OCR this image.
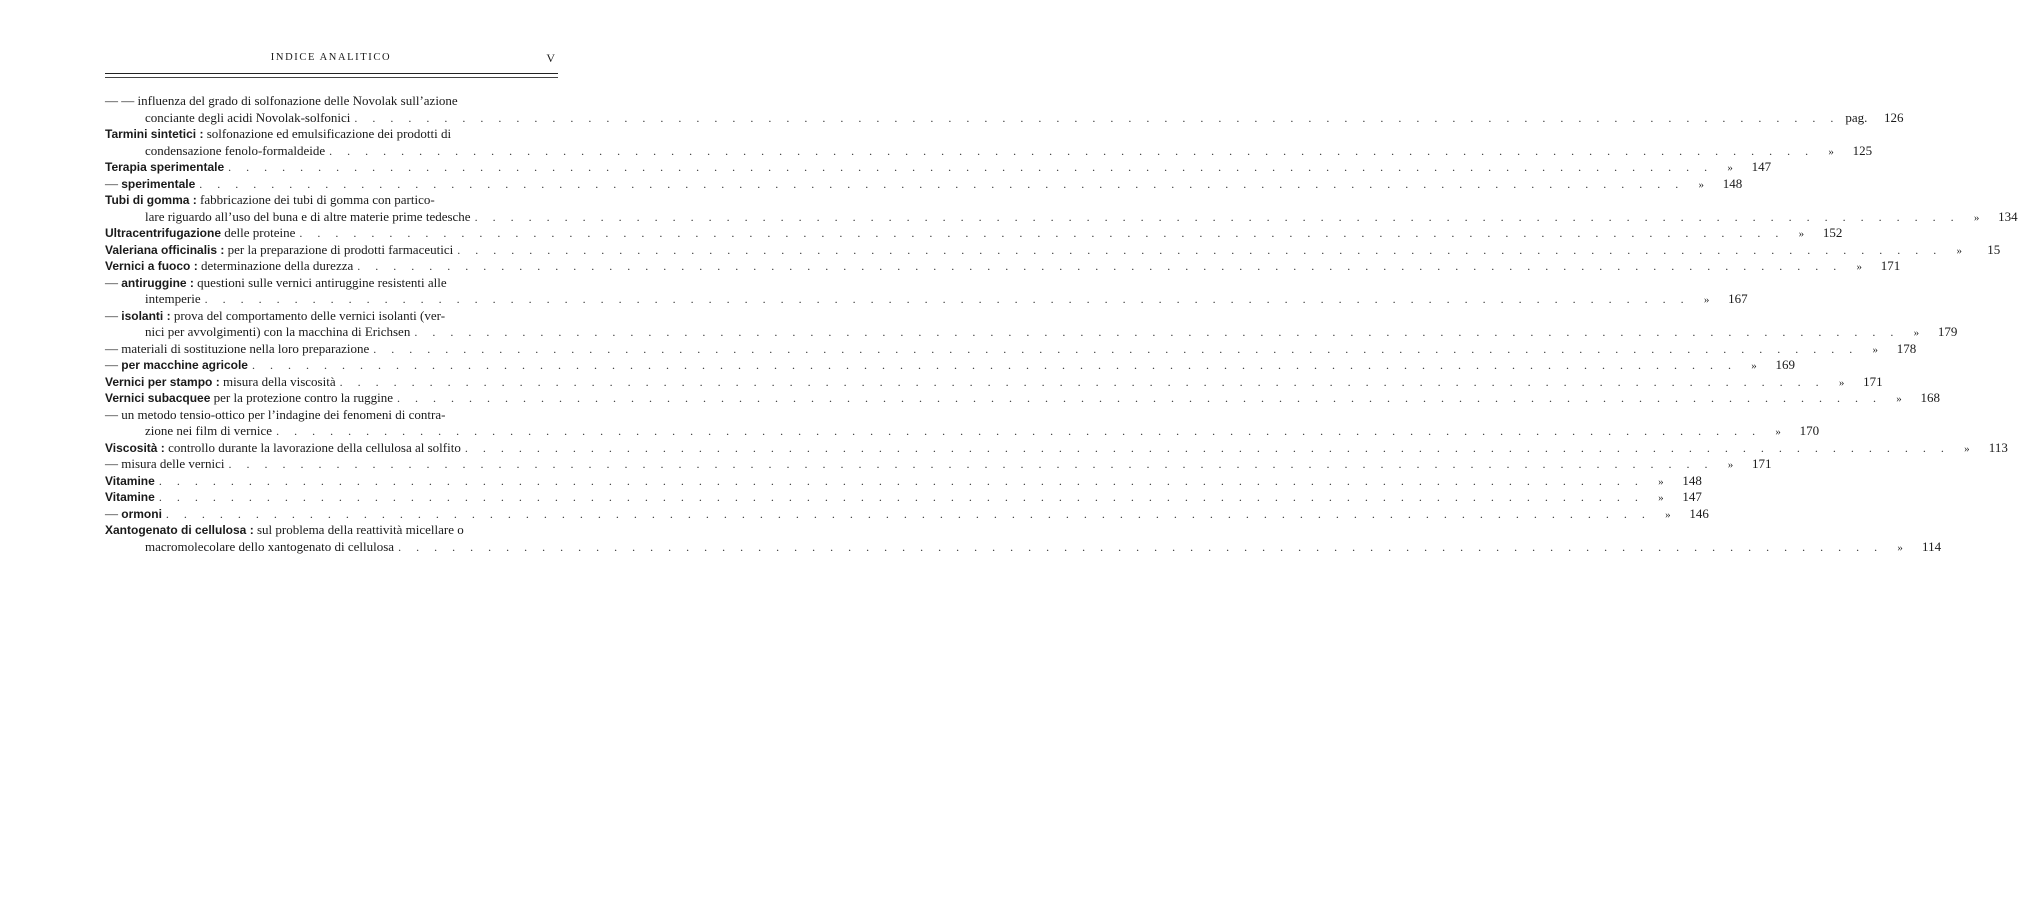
INDICE ANALITICO	V
— — influenza del grado di solfonazione delle Novolak sull’azione
conciante degli acidi Novolak-solfonici . . .	pag.	126
Tarmini sintetici : solfonazione ed emulsificazione dei prodotti di
condensazione fenolo-formaldeide . . .	»	125
Terapia sperimentale . . .	»	147
— sperimentale . . .	»	148
Tubi di gomma : fabbricazione dei tubi di gomma con partico-
lare riguardo all’uso del buna e di altre materie prime tedesche . . .	»	134
Ultracentrifugazione delle proteine . . .	»	152
Valeriana officinalis : per la preparazione di prodotti farmaceutici . . .	»	15
Vernici a fuoco : determinazione della durezza . . .	»	171
— antiruggine : questioni sulle vernici antiruggine resistenti alle
intemperie . . .	»	167
— isolanti : prova del comportamento delle vernici isolanti (ver-
nici per avvolgimenti) con la macchina di Erichsen . . .	»	179
— materiali di sostituzione nella loro preparazione . . .	»	178
— per macchine agricole . . .	»	169
Vernici per stampo : misura della viscosità . . .	»	171
Vernici subacquee per la protezione contro la ruggine . . .	»	168
— un metodo tensio-ottico per l’indagine dei fenomeni di contra-
zione nei film di vernice . . .	»	170
Viscosità : controllo durante la lavorazione della cellulosa al solfito . . .	»	113
— misura delle vernici . . .	»	171
Vitamine . . .	»	148
Vitamine . . .	»	147
— ormoni . . .	»	146
Xantogenato di cellulosa : sul problema della reattività micellare o
macromolecolare dello xantogenato di cellulosa . . .	»	114
